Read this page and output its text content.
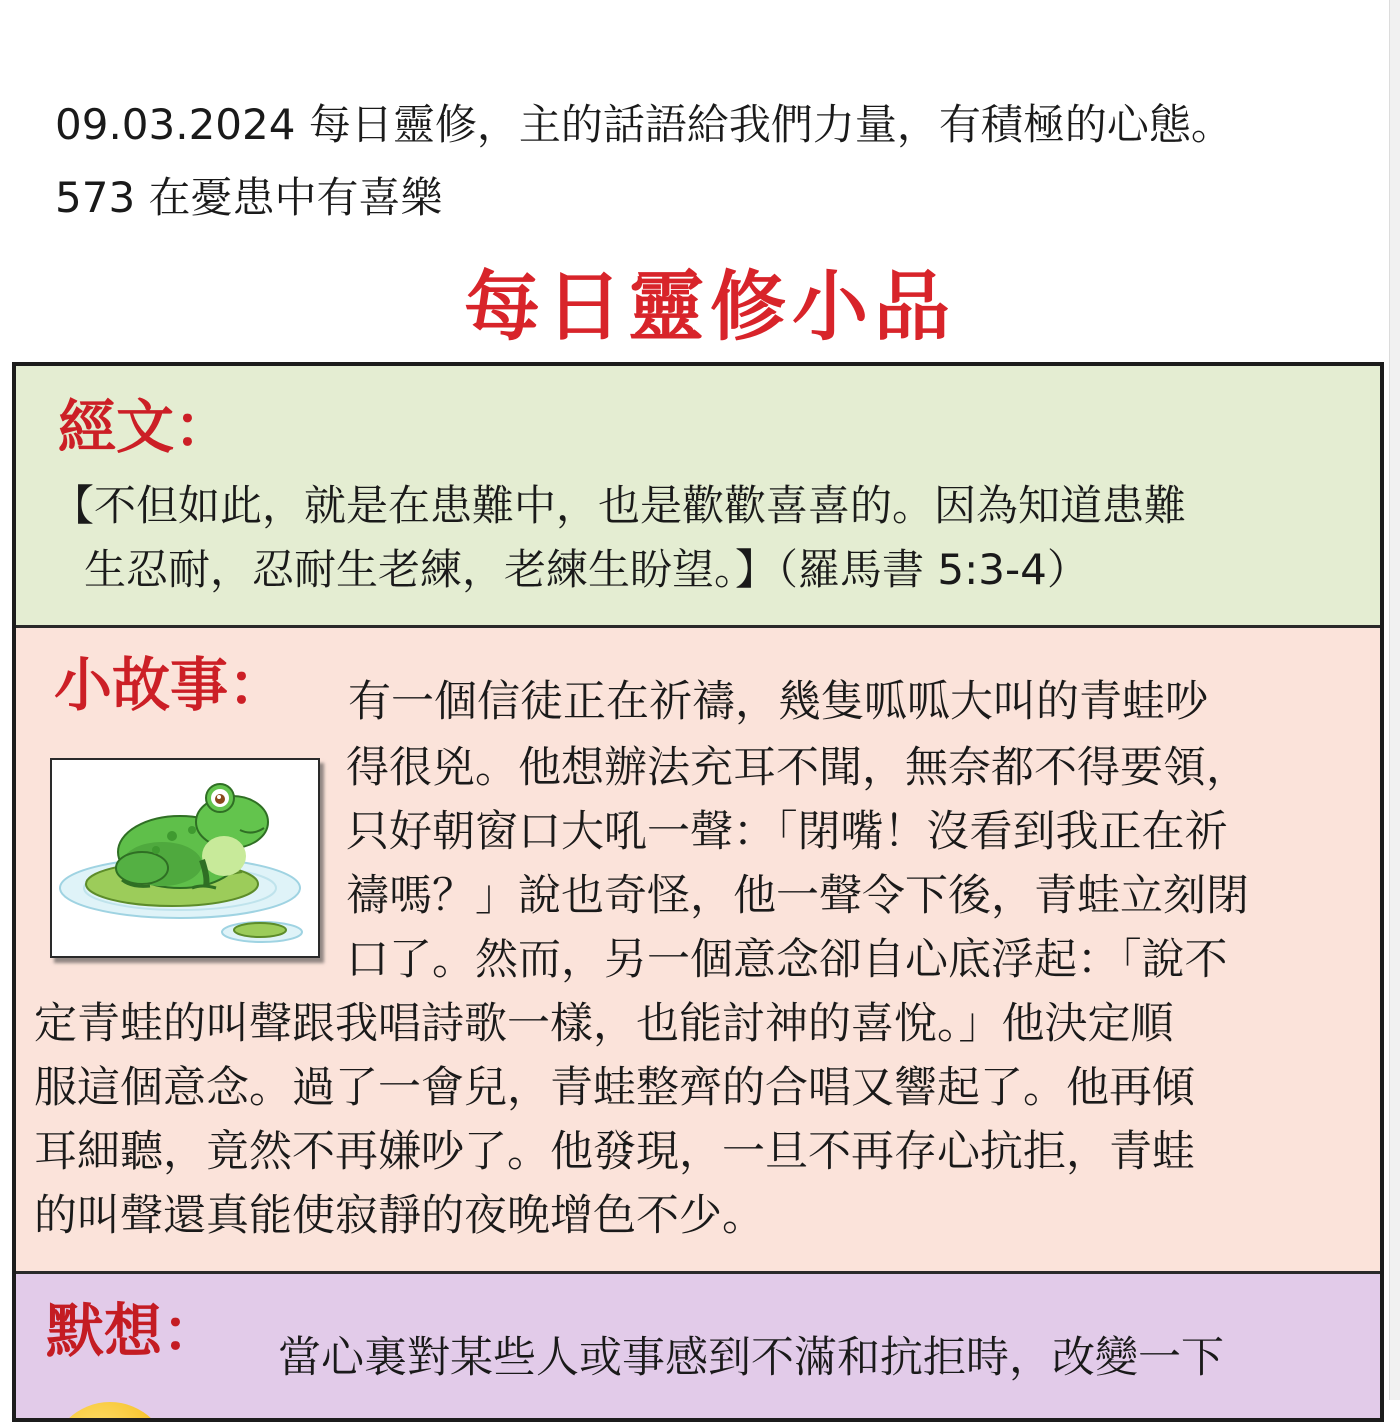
09.03.2024 每日靈修，主的話語給我們力量，有積極的心態。
573 在憂患中有喜樂
每日靈修小品
經文：
【不但如此，就是在患難中，也是歡歡喜喜的。因為知道患難
生忍耐，忍耐生老練，老練生盼望。】（羅馬書 5:3-4）
小故事： 有一個信徒正在祈禱，幾隻呱呱大叫的青蛙吵
得很兇。他想辦法充耳不聞，無奈都不得要領，
只好朝窗口大吼一聲：「閉嘴！沒看到我正在祈
禱嗎？」說也奇怪，他一聲令下後，青蛙立刻閉
口了。然而，另一個意念卻自心底浮起：「說不
定青蛙的叫聲跟我唱詩歌一樣，也能討神的喜悅。」他決定順
服這個意念。過了一會兒，青蛙整齊的合唱又響起了。他再傾
耳細聽，竟然不再嫌吵了。他發現，一旦不再存心抗拒，青蛙
的叫聲還真能使寂靜的夜晚增色不少。
默想： 當心裏對某些人或事感到不滿和抗拒時，改變一下
